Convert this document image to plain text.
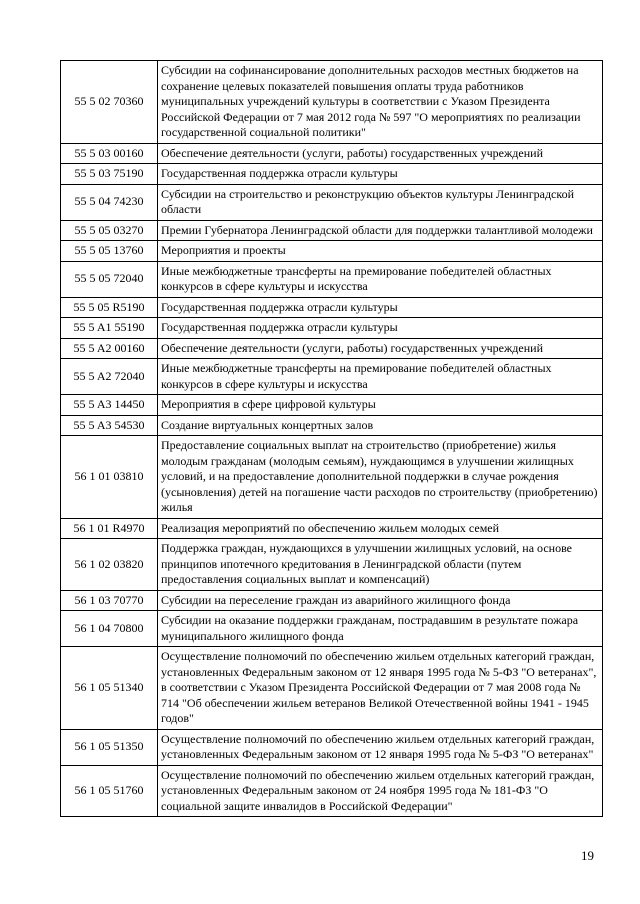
55 5 02 70360	Субсидии на софинансирование дополнительных расходов местных бюджетов на сохранение целевых показателей повышения оплаты труда работников муниципальных учреждений культуры в соответствии с Указом Президента Российской Федерации от 7 мая 2012 года № 597 "О мероприятиях по реализации государственной социальной политики"
55 5 03 00160	Обеспечение деятельности (услуги, работы) государственных учреждений
55 5 03 75190	Государственная поддержка отрасли культуры
55 5 04 74230	Субсидии на строительство и реконструкцию объектов культуры Ленинградской области
55 5 05 03270	Премии Губернатора Ленинградской области для поддержки талантливой молодежи
55 5 05 13760	Мероприятия и проекты
55 5 05 72040	Иные межбюджетные трансферты на премирование победителей областных конкурсов в сфере культуры и искусства
55 5 05 R5190	Государственная поддержка отрасли культуры
55 5 A1 55190	Государственная поддержка отрасли культуры
55 5 A2 00160	Обеспечение деятельности (услуги, работы) государственных учреждений
55 5 A2 72040	Иные межбюджетные трансферты на премирование победителей областных конкурсов в сфере культуры и искусства
55 5 A3 14450	Мероприятия в сфере цифровой культуры
55 5 A3 54530	Создание виртуальных концертных залов
56 1 01 03810	Предоставление социальных выплат на строительство (приобретение) жилья молодым гражданам (молодым семьям), нуждающимся в улучшении жилищных условий, и на предоставление дополнительной поддержки в случае рождения (усыновления) детей на погашение части расходов по строительству (приобретению) жилья
56 1 01 R4970	Реализация мероприятий по обеспечению жильем молодых семей
56 1 02 03820	Поддержка граждан, нуждающихся в улучшении жилищных условий, на основе принципов ипотечного кредитования в Ленинградской области (путем предоставления социальных выплат и компенсаций)
56 1 03 70770	Субсидии на переселение граждан из аварийного жилищного фонда
56 1 04 70800	Субсидии на оказание поддержки гражданам, пострадавшим в результате пожара муниципального жилищного фонда
56 1 05 51340	Осуществление полномочий по обеспечению жильем отдельных категорий граждан, установленных Федеральным законом от 12 января 1995 года № 5-ФЗ "О ветеранах", в соответствии с Указом Президента Российской Федерации от 7 мая 2008 года № 714 "Об обеспечении жильем ветеранов Великой Отечественной войны 1941 - 1945 годов"
56 1 05 51350	Осуществление полномочий по обеспечению жильем отдельных категорий граждан, установленных Федеральным законом от 12 января 1995 года № 5-ФЗ "О ветеранах"
56 1 05 51760	Осуществление полномочий по обеспечению жильем отдельных категорий граждан, установленных Федеральным законом от 24 ноября 1995 года № 181-ФЗ "О социальной защите инвалидов в Российской Федерации"
19
